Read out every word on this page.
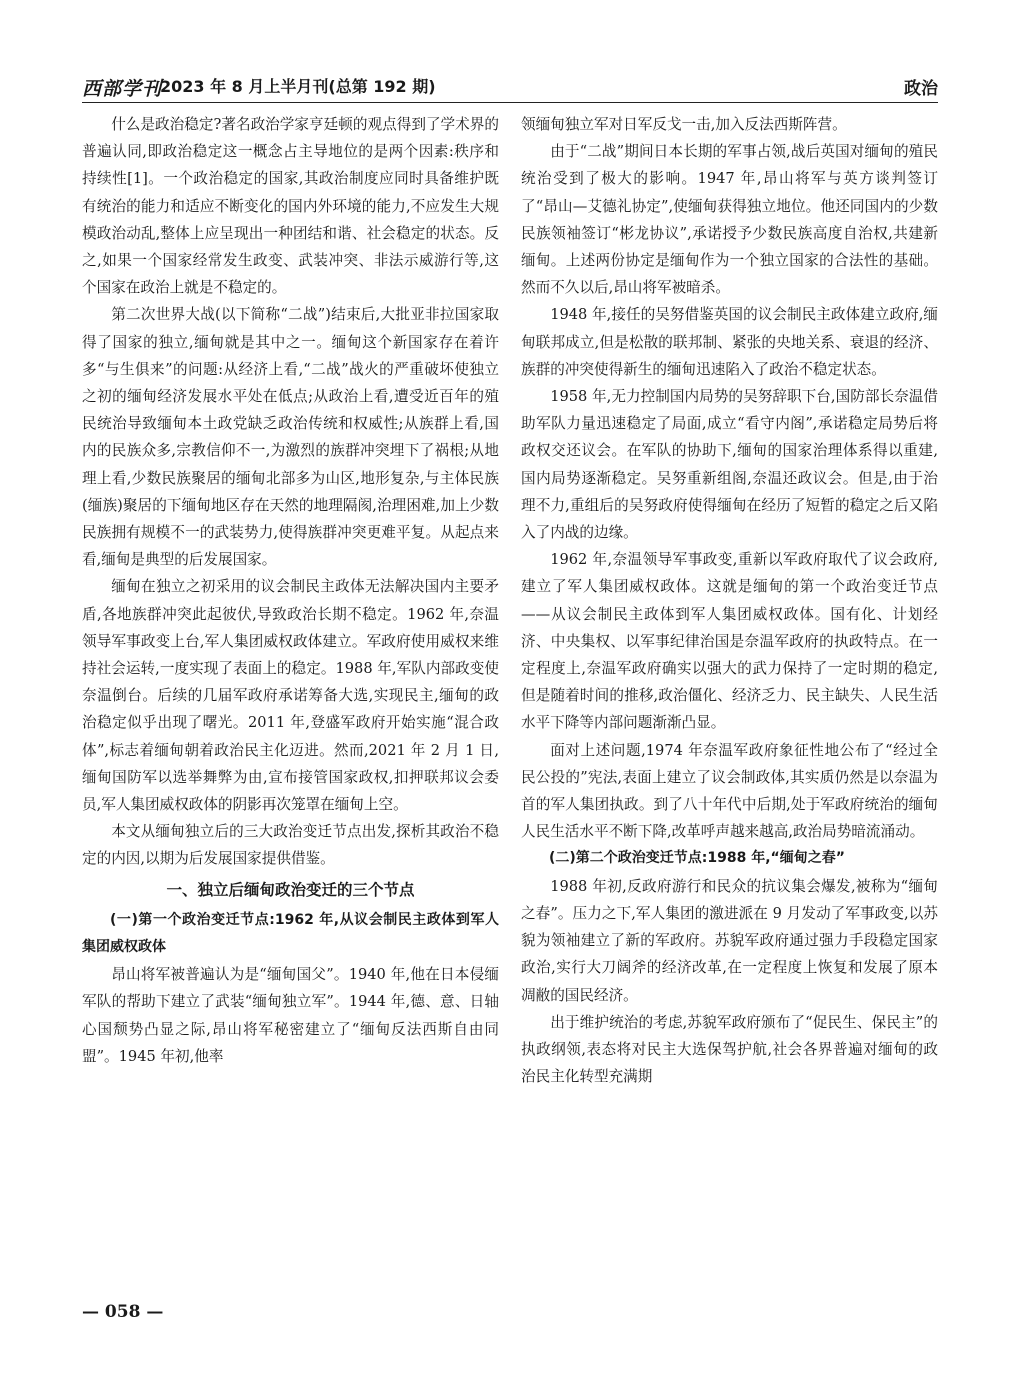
西部学刊
2023 年 8 月上半月刊(总第 192 期)	政治

什么是政治稳定?著名政治学家亨廷顿的观点得到了学术界的普遍认同,即政治稳定这一概念占主导地位的是两个因素:秩序和持续性[1]。一个政治稳定的国家,其政治制度应同时具备维护既有统治的能力和适应不断变化的国内外环境的能力,不应发生大规模政治动乱,整体上应呈现出一种团结和谐、社会稳定的状态。反之,如果一个国家经常发生政变、武装冲突、非法示威游行等,这个国家在政治上就是不稳定的。

第二次世界大战(以下简称“二战”)结束后,大批亚非拉国家取得了国家的独立,缅甸就是其中之一。缅甸这个新国家存在着许多“与生俱来”的问题:从经济上看,“二战”战火的严重破坏使独立之初的缅甸经济发展水平处在低点;从政治上看,遭受近百年的殖民统治导致缅甸本土政党缺乏政治传统和权威性;从族群上看,国内的民族众多,宗教信仰不一,为激烈的族群冲突埋下了祸根;从地理上看,少数民族聚居的缅甸北部多为山区,地形复杂,与主体民族(缅族)聚居的下缅甸地区存在天然的地理隔阂,治理困难,加上少数民族拥有规模不一的武装势力,使得族群冲突更难平复。从起点来看,缅甸是典型的后发展国家。

缅甸在独立之初采用的议会制民主政体无法解决国内主要矛盾,各地族群冲突此起彼伏,导致政治长期不稳定。1962 年,奈温领导军事政变上台,军人集团威权政体建立。军政府使用威权来维持社会运转,一度实现了表面上的稳定。1988 年,军队内部政变使奈温倒台。后续的几届军政府承诺筹备大选,实现民主,缅甸的政治稳定似乎出现了曙光。2011 年,登盛军政府开始实施“混合政体”,标志着缅甸朝着政治民主化迈进。然而,2021 年 2 月 1 日,缅甸国防军以选举舞弊为由,宣布接管国家政权,扣押联邦议会委员,军人集团威权政体的阴影再次笼罩在缅甸上空。

本文从缅甸独立后的三大政治变迁节点出发,探析其政治不稳定的内因,以期为后发展国家提供借鉴。

一、独立后缅甸政治变迁的三个节点
(一)第一个政治变迁节点:1962 年,从议会制民主政体到军人集团威权政体

昂山将军被普遍认为是“缅甸国父”。1940 年,他在日本侵缅军队的帮助下建立了武装“缅甸独立军”。1944 年,德、意、日轴心国颓势凸显之际,昂山将军秘密建立了“缅甸反法西斯自由同盟”。1945 年初,他率

领缅甸独立军对日军反戈一击,加入反法西斯阵营。

由于“二战”期间日本长期的军事占领,战后英国对缅甸的殖民统治受到了极大的影响。1947 年,昂山将军与英方谈判签订了“昂山—艾德礼协定”,使缅甸获得独立地位。他还同国内的少数民族领袖签订“彬龙协议”,承诺授予少数民族高度自治权,共建新缅甸。上述两份协定是缅甸作为一个独立国家的合法性的基础。然而不久以后,昂山将军被暗杀。

1948 年,接任的吴努借鉴英国的议会制民主政体建立政府,缅甸联邦成立,但是松散的联邦制、紧张的央地关系、衰退的经济、族群的冲突使得新生的缅甸迅速陷入了政治不稳定状态。

1958 年,无力控制国内局势的吴努辞职下台,国防部长奈温借助军队力量迅速稳定了局面,成立“看守内阁”,承诺稳定局势后将政权交还议会。在军队的协助下,缅甸的国家治理体系得以重建,国内局势逐渐稳定。吴努重新组阁,奈温还政议会。但是,由于治理不力,重组后的吴努政府使得缅甸在经历了短暂的稳定之后又陷入了内战的边缘。

1962 年,奈温领导军事政变,重新以军政府取代了议会政府,建立了军人集团威权政体。这就是缅甸的第一个政治变迁节点——从议会制民主政体到军人集团威权政体。国有化、计划经济、中央集权、以军事纪律治国是奈温军政府的执政特点。在一定程度上,奈温军政府确实以强大的武力保持了一定时期的稳定,但是随着时间的推移,政治僵化、经济乏力、民主缺失、人民生活水平下降等内部问题渐渐凸显。

面对上述问题,1974 年奈温军政府象征性地公布了“经过全民公投的”宪法,表面上建立了议会制政体,其实质仍然是以奈温为首的军人集团执政。到了八十年代中后期,处于军政府统治的缅甸人民生活水平不断下降,改革呼声越来越高,政治局势暗流涌动。

(二)第二个政治变迁节点:1988 年,“缅甸之春”

1988 年初,反政府游行和民众的抗议集会爆发,被称为“缅甸之春”。压力之下,军人集团的激进派在 9 月发动了军事政变,以苏貌为领袖建立了新的军政府。苏貌军政府通过强力手段稳定国家政治,实行大刀阔斧的经济改革,在一定程度上恢复和发展了原本凋敝的国民经济。

出于维护统治的考虑,苏貌军政府颁布了“促民生、保民主”的执政纲领,表态将对民主大选保驾护航,社会各界普遍对缅甸的政治民主化转型充满期

— 058 —
